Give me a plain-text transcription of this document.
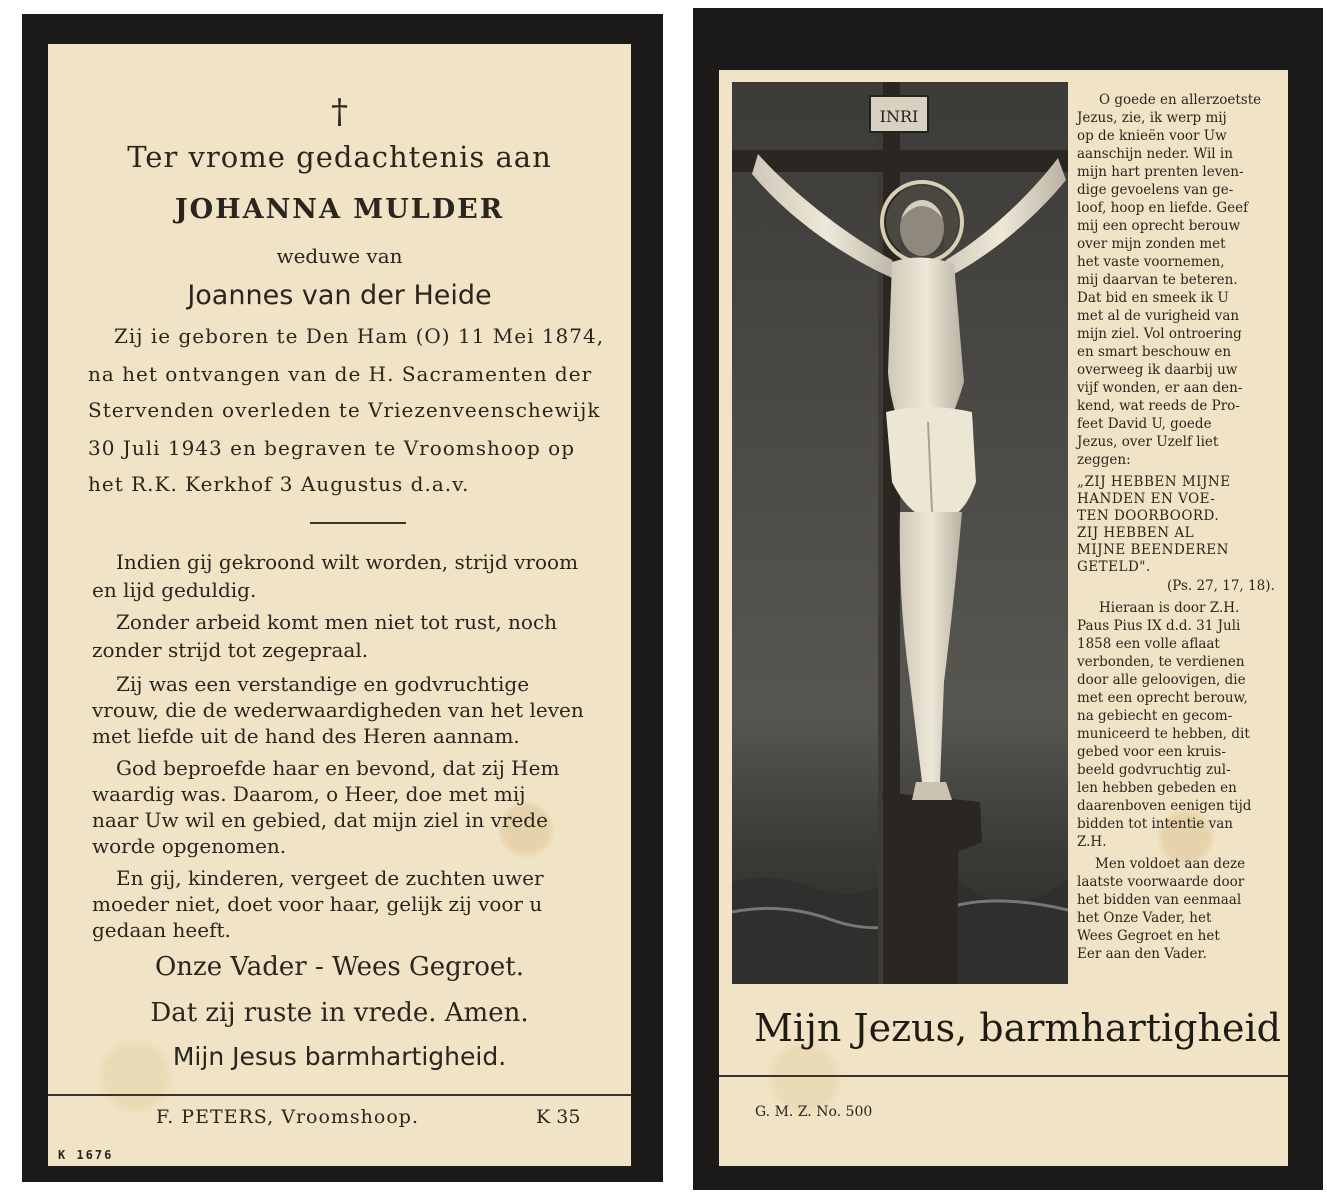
†
Ter vrome gedachtenis aan
JOHANNA MULDER
weduwe van
Joannes van der Heide
Zij ie geboren te Den Ham (O) 11 Mei 1874,
na het ontvangen van de H. Sacramenten der
Stervenden overleden te Vriezenveenschewijk
30 Juli 1943 en begraven te Vroomshoop op
het R.K. Kerkhof 3 Augustus d.a.v.
Indien gij gekroond wilt worden, strijd vroom
en lijd geduldig.
Zonder arbeid komt men niet tot rust, noch
zonder strijd tot zegepraal.
Zij was een verstandige en godvruchtige
vrouw, die de wederwaardigheden van het leven
met liefde uit de hand des Heren aannam.
God beproefde haar en bevond, dat zij Hem
waardig was. Daarom, o Heer, doe met mij
naar Uw wil en gebied, dat mijn ziel in vrede
worde opgenomen.
En gij, kinderen, vergeet de zuchten uwer
moeder niet, doet voor haar, gelijk zij voor u
gedaan heeft.
Onze Vader - Wees Gegroet.
Dat zij ruste in vrede. Amen.
Mijn Jesus barmhartigheid.
F. PETERS, Vroomshoop.	K 35
K 1676
INRI
O goede en allerzoetste
Jezus, zie, ik werp mij
op de knieën voor Uw
aanschijn neder. Wil in
mijn hart prenten leven-
dige gevoelens van ge-
loof, hoop en liefde. Geef
mij een oprecht berouw
over mijn zonden met
het vaste voornemen,
mij daarvan te beteren.
Dat bid en smeek ik U
met al de vurigheid van
mijn ziel. Vol ontroering
en smart beschouw en
overweeg ik daarbij uw
vijf wonden, er aan den-
kend, wat reeds de Pro-
feet David U, goede
Jezus, over Uzelf liet
zeggen:
„ZIJ HEBBEN MIJNE
HANDEN EN VOE-
TEN DOORBOORD.
ZIJ HEBBEN AL
MIJNE BEENDEREN
GETELD".
(Ps. 27, 17, 18).
Hieraan is door Z.H.
Paus Pius IX d.d. 31 Juli
1858 een volle aflaat
verbonden, te verdienen
door alle geloovigen, die
met een oprecht berouw,
na gebiecht en gecom-
municeerd te hebben, dit
gebed voor een kruis-
beeld godvruchtig zul-
len hebben gebeden en
daarenboven eenigen tijd
bidden tot intentie van
Z.H.
Men voldoet aan deze
laatste voorwaarde door
het bidden van eenmaal
het Onze Vader, het
Wees Gegroet en het
Eer aan den Vader.
Mijn Jezus, barmhartigheid
G. M. Z. No. 500
